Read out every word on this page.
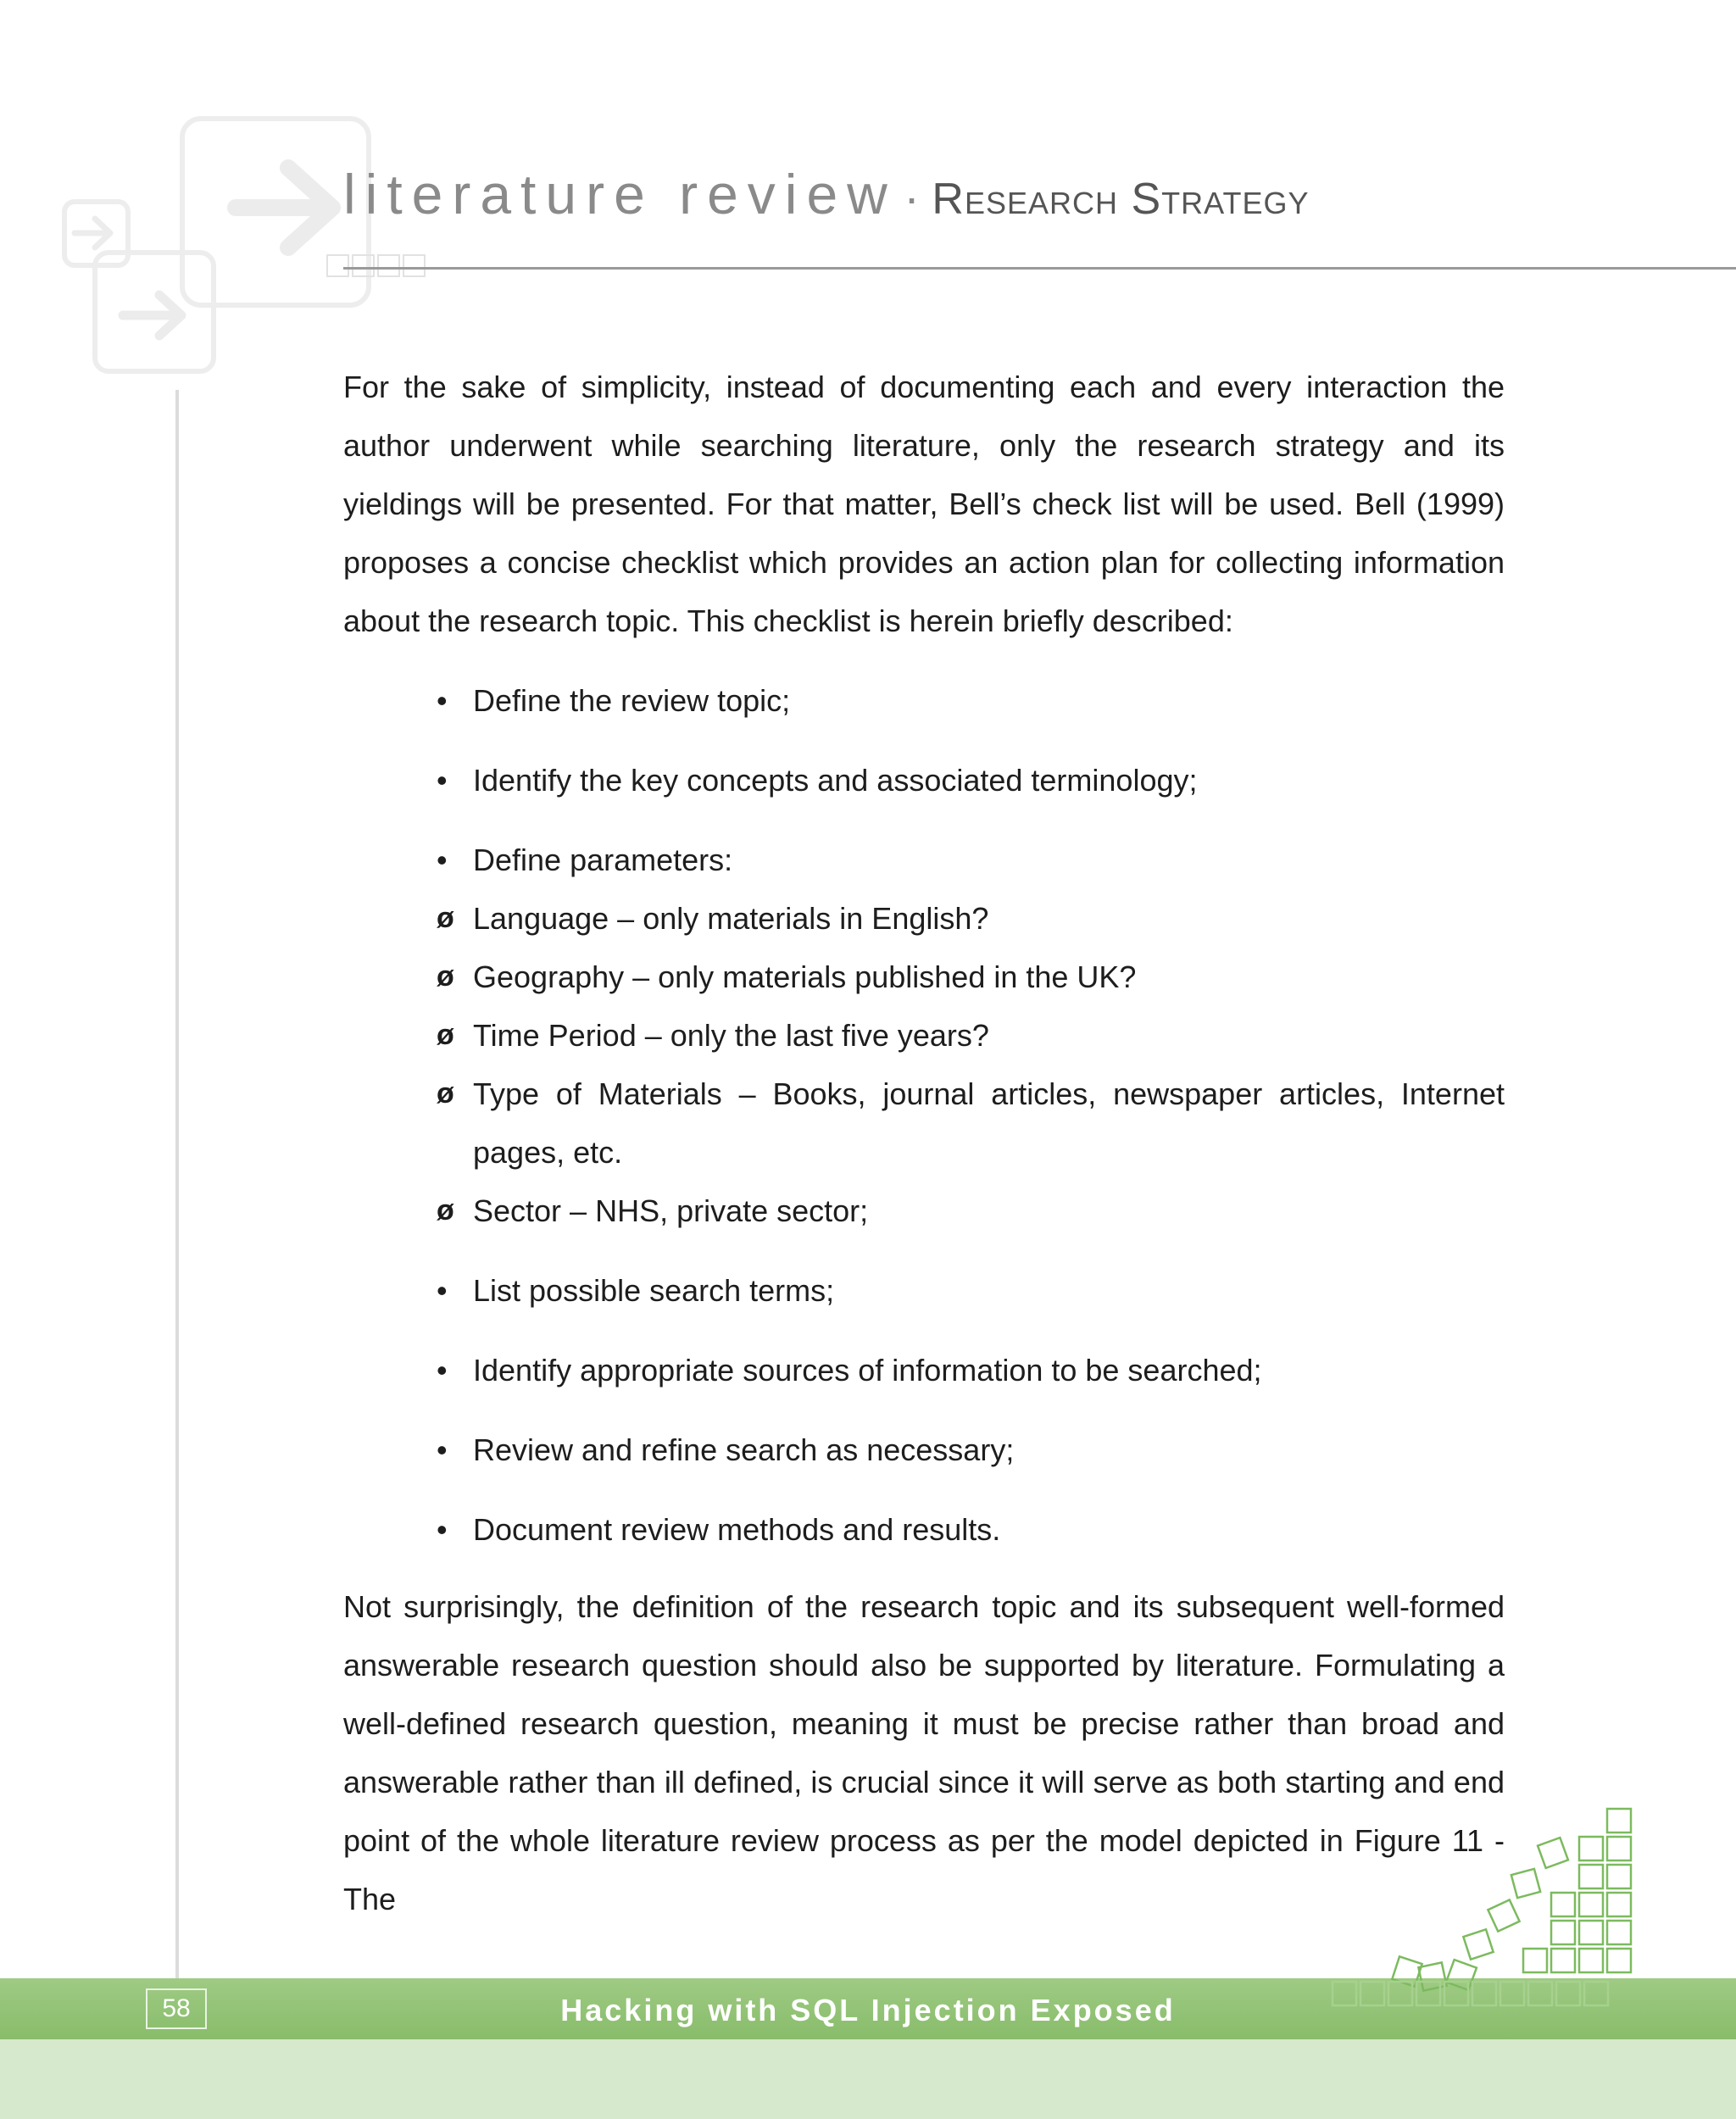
literature review · Research Strategy

For the sake of simplicity, instead of documenting each and every interaction the author underwent while searching literature, only the research strategy and its yieldings will be presented. For that matter, Bell’s check list will be used. Bell (1999) proposes a concise checklist which provides an action plan for collecting information about the research topic. This checklist is herein briefly described:

• Define the review topic;
• Identify the key concepts and associated terminology;
• Define parameters:
ø Language – only materials in English?
ø Geography – only materials published in the UK?
ø Time Period – only the last five years?
ø Type of Materials – Books, journal articles, newspaper articles, Internet pages, etc.
ø Sector – NHS, private sector;
• List possible search terms;
• Identify appropriate sources of information to be searched;
• Review and refine search as necessary;
• Document review methods and results.

Not surprisingly, the definition of the research topic and its subsequent well-formed answerable research question should also be supported by literature. Formulating a well-defined research question, meaning it must be precise rather than broad and answerable rather than ill defined, is crucial since it will serve as both starting and end point of the whole literature review process as per the model depicted in Figure 11 - The

58	Hacking with SQL Injection Exposed
